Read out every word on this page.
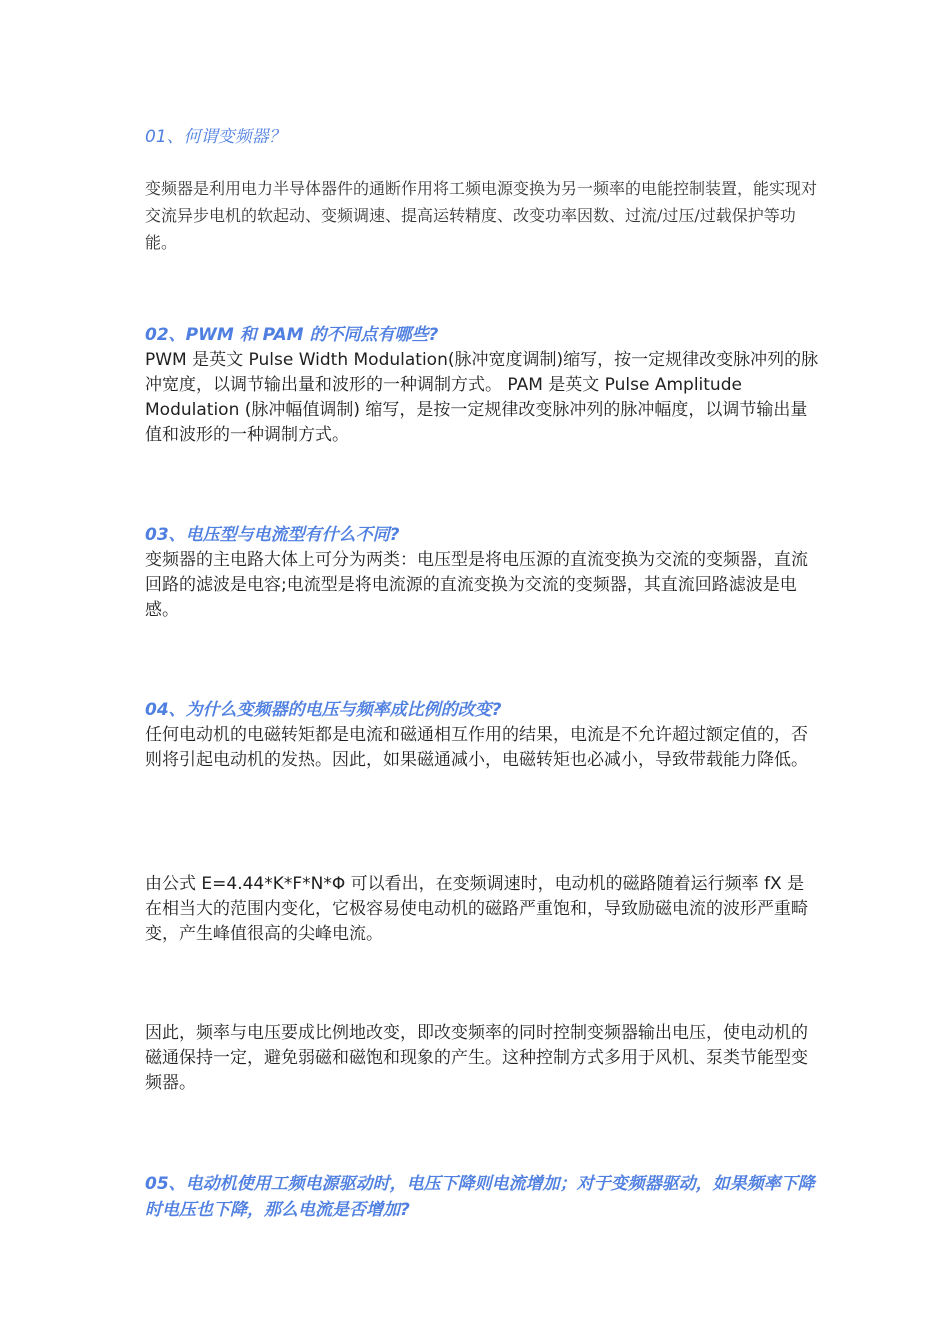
01、何谓变频器？

变频器是利用电力半导体器件的通断作用将工频电源变换为另一频率的电能控制装置，能实现对交流异步电机的软起动、变频调速、提高运转精度、改变功率因数、过流/过压/过载保护等功能。

02、PWM 和 PAM 的不同点有哪些?

PWM 是英文 Pulse Width Modulation(脉冲宽度调制)缩写，按一定规律改变脉冲列的脉冲宽度，以调节输出量和波形的一种调制方式。 PAM 是英文 Pulse Amplitude Modulation (脉冲幅值调制) 缩写，是按一定规律改变脉冲列的脉冲幅度，以调节输出量值和波形的一种调制方式。

03、电压型与电流型有什么不同?

变频器的主电路大体上可分为两类：电压型是将电压源的直流变换为交流的变频器，直流回路的滤波是电容;电流型是将电流源的直流变换为交流的变频器，其直流回路滤波是电感。

04、为什么变频器的电压与频率成比例的改变?

任何电动机的电磁转矩都是电流和磁通相互作用的结果，电流是不允许超过额定值的，否则将引起电动机的发热。因此，如果磁通减小，电磁转矩也必减小，导致带载能力降低。

由公式 E=4.44*K*F*N*Φ 可以看出，在变频调速时，电动机的磁路随着运行频率 fX 是在相当大的范围内变化，它极容易使电动机的磁路严重饱和，导致励磁电流的波形严重畸变，产生峰值很高的尖峰电流。

因此，频率与电压要成比例地改变，即改变频率的同时控制变频器输出电压，使电动机的磁通保持一定，避免弱磁和磁饱和现象的产生。这种控制方式多用于风机、泵类节能型变频器。

05、电动机使用工频电源驱动时，电压下降则电流增加；对于变频器驱动，如果频率下降时电压也下降，那么电流是否增加?
